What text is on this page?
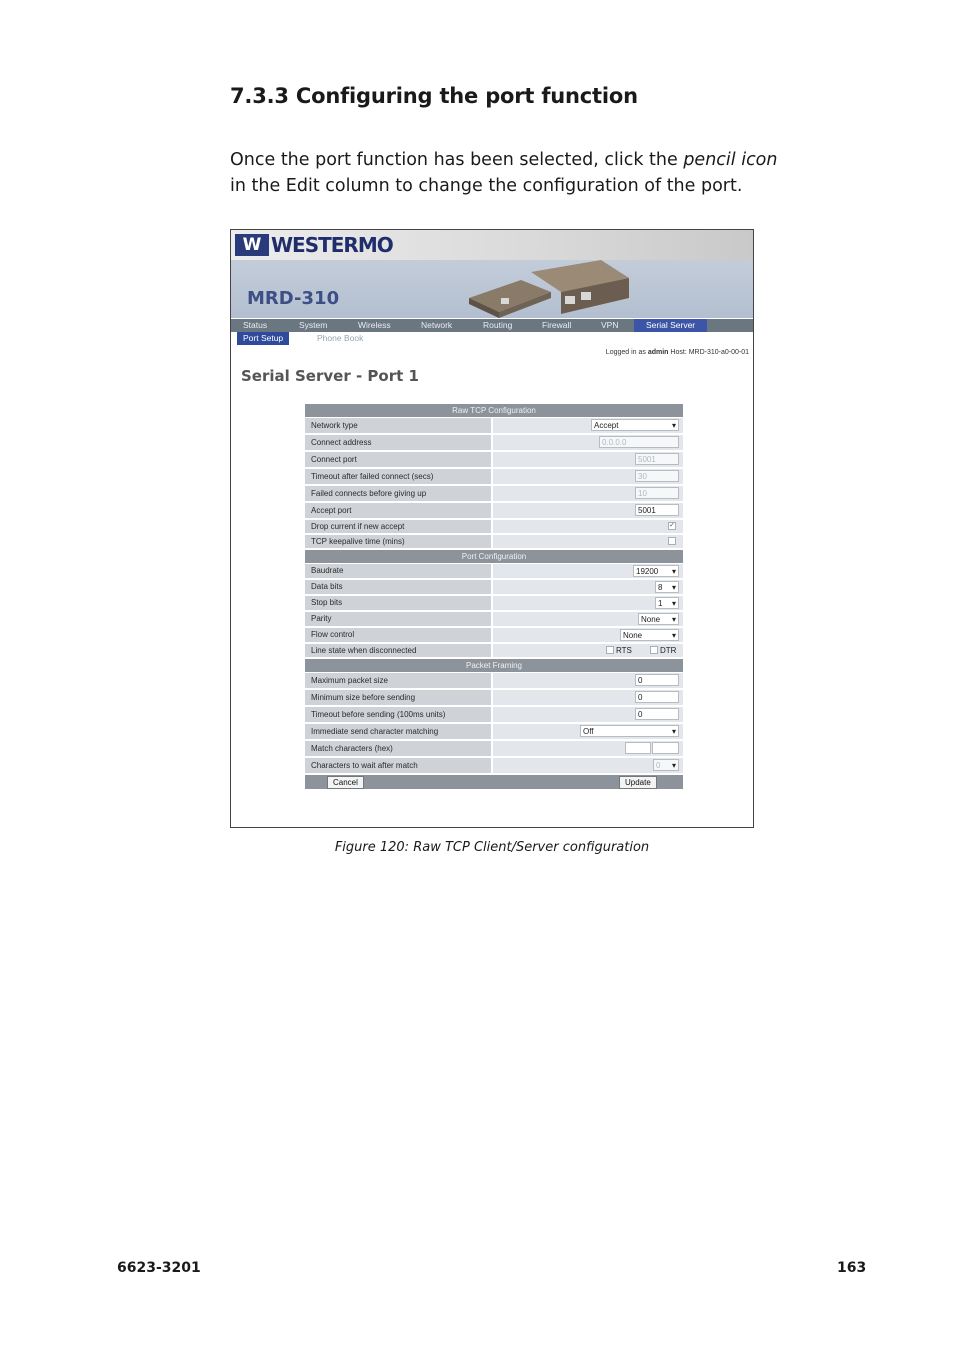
7.3.3 Configuring the port function
Once the port function has been selected, click the pencil icon in the Edit column to change the configuration of the port.
W WESTERMO
MRD-310
Status	System	Wireless	Network	Routing	Firewall	VPN	Serial Server
Port Setup	Phone Book
Logged in as admin Host: MRD-310-a0-00-01
Serial Server - Port 1
Raw TCP Configuration
Network type	Accept ▾
Connect address	0.0.0.0
Connect port	5001
Timeout after failed connect (secs)	30
Failed connects before giving up	10
Accept port	5001
Drop current if new accept	✓
TCP keepalive time (mins)
Port Configuration
Baudrate	19200 ▾
Data bits	8 ▾
Stop bits	1 ▾
Parity	None ▾
Flow control	None ▾
Line state when disconnected	RTS	DTR
Packet Framing
Maximum packet size	0
Minimum size before sending	0
Timeout before sending (100ms units)	0
Immediate send character matching	Off ▾
Match characters (hex)
Characters to wait after match	0 ▾
Cancel	Update
Figure 120: Raw TCP Client/Server configuration
6623-3201	163
